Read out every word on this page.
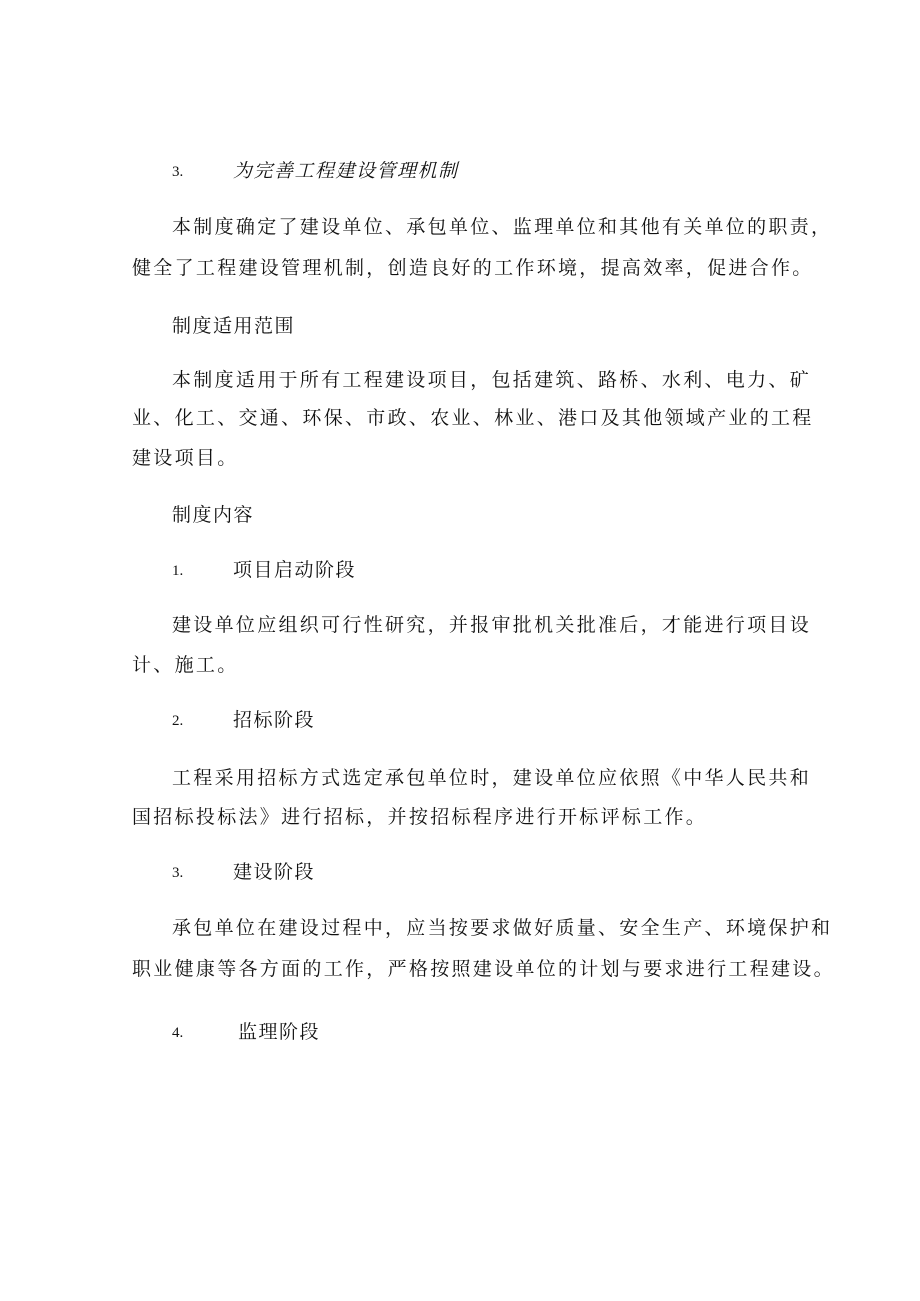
3.	为完善工程建设管理机制
本制度确定了建设单位、承包单位、监理单位和其他有关单位的职责，
健全了工程建设管理机制，创造良好的工作环境，提高效率，促进合作。
制度适用范围
本制度适用于所有工程建设项目，包括建筑、路桥、水利、电力、矿
业、化工、交通、环保、市政、农业、林业、港口及其他领域产业的工程
建设项目。
制度内容
1.	项目启动阶段
建设单位应组织可行性研究，并报审批机关批准后，才能进行项目设
计、施工。
2.	招标阶段
工程采用招标方式选定承包单位时，建设单位应依照《中华人民共和
国招标投标法》进行招标，并按招标程序进行开标评标工作。
3.	建设阶段
承包单位在建设过程中，应当按要求做好质量、安全生产、环境保护和
职业健康等各方面的工作，严格按照建设单位的计划与要求进行工程建设。
4.	监理阶段
